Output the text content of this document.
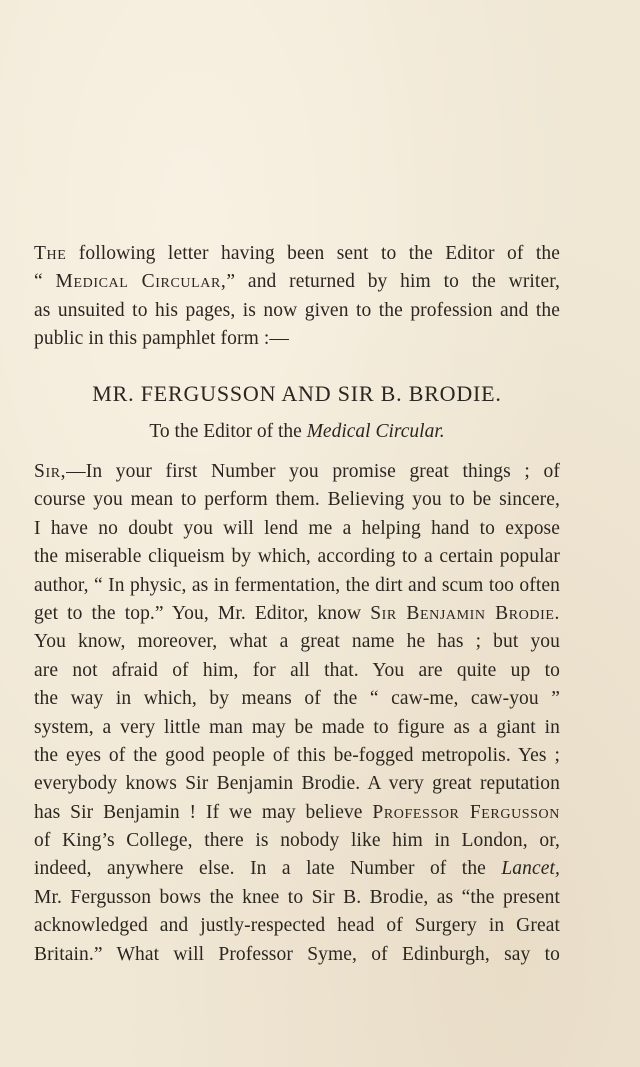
The following letter having been sent to the Editor of the
“ Medical Circular,” and returned by him to the writer,
as unsuited to his pages, is now given to the profession and the
public in this pamphlet form :—
MR. FERGUSSON AND SIR B. BRODIE.
To the Editor of the Medical Circular.
Sir,—In your first Number you promise great things ; of
course you mean to perform them. Believing you to be sincere,
I have no doubt you will lend me a helping hand to expose
the miserable cliqueism by which, according to a certain popular
author, “ In physic, as in fermentation, the dirt and scum too often
get to the top.” You, Mr. Editor, know Sir Benjamin Brodie.
You know, moreover, what a great name he has ; but you
are not afraid of him, for all that. You are quite up to
the way in which, by means of the “ caw-me, caw-you ”
system, a very little man may be made to figure as a giant in
the eyes of the good people of this be-fogged metropolis. Yes ;
everybody knows Sir Benjamin Brodie. A very great reputation
has Sir Benjamin ! If we may believe Professor Fergusson
of King’s College, there is nobody like him in London, or,
indeed, anywhere else. In a late Number of the Lancet,
Mr. Fergusson bows the knee to Sir B. Brodie, as “the present
acknowledged and justly-respected head of Surgery in Great
Britain.” What will Professor Syme, of Edinburgh, say to
